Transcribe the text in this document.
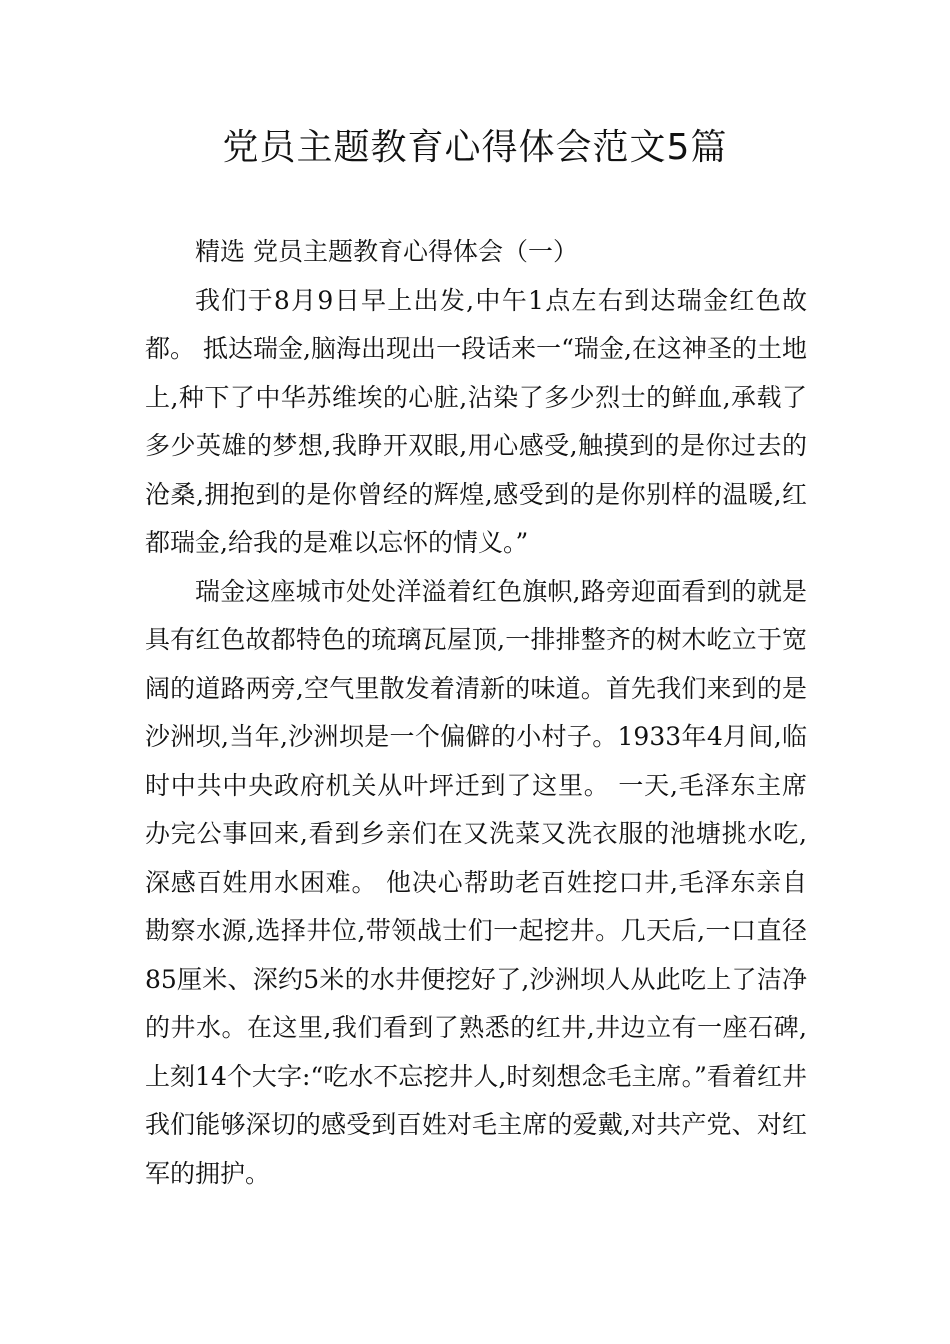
党员主题教育心得体会范文5篇

精选 党员主题教育心得体会（一）

我们于8月9日早上出发,中午1点左右到达瑞金红色故都。 抵达瑞金,脑海出现出一段话来一“瑞金,在这神圣的土地上,种下了中华苏维埃的心脏,沾染了多少烈士的鲜血,承载了多少英雄的梦想,我睁开双眼,用心感受,触摸到的是你过去的沧桑,拥抱到的是你曾经的辉煌,感受到的是你别样的温暖,红都瑞金,给我的是难以忘怀的情义。”

瑞金这座城市处处洋溢着红色旗帜,路旁迎面看到的就是具有红色故都特色的琉璃瓦屋顶,一排排整齐的树木屹立于宽阔的道路两旁,空气里散发着清新的味道。首先我们来到的是沙洲坝,当年,沙洲坝是一个偏僻的小村子。1933年4月间,临时中共中央政府机关从叶坪迁到了这里。 一天,毛泽东主席办完公事回来,看到乡亲们在又洗菜又洗衣服的池塘挑水吃,深感百姓用水困难。 他决心帮助老百姓挖口井,毛泽东亲自勘察水源,选择井位,带领战士们一起挖井。几天后,一口直径85厘米、深约5米的水井便挖好了,沙洲坝人从此吃上了洁净的井水。在这里,我们看到了熟悉的红井,井边立有一座石碑,上刻14个大字:“吃水不忘挖井人,时刻想念毛主席。”看着红井我们能够深切的感受到百姓对毛主席的爱戴,对共产党、对红军的拥护。
